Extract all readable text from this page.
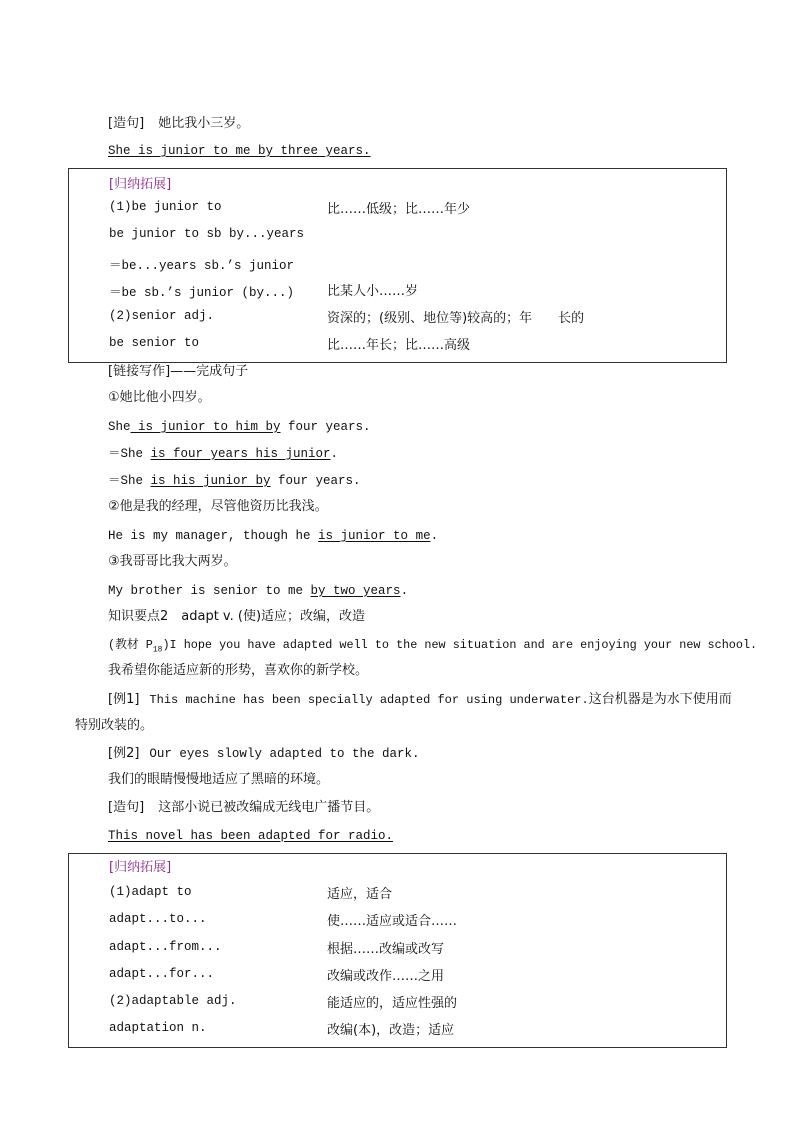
[造句] 她比我小三岁。
She is junior to me by three years.
[归纳拓展]
(1)be junior to	比……低级；比……年少
be junior to sb by...years
＝be...years sb.’s junior
＝be sb.’s junior (by...)	比某人小……岁
(2)senior adj.	资深的；(级别、地位等)较高的；年　　长的
be senior to	比……年长；比……高级
[链接写作]——完成句子
①她比他小四岁。
She is junior to him by four years.
＝She is four years his junior.
＝She is his junior by four years.
②他是我的经理，尽管他资历比我浅。
He is my manager, though he is junior to me.
③我哥哥比我大两岁。
My brother is senior to me by two years.
知识要点2　adapt v. (使)适应；改编，改造
(教材 $P_{18})I$ hope you have adapted well to the new situation and are enjoying your new school.
我希望你能适应新的形势，喜欢你的新学校。
[例1] This machine has been specially adapted for using underwater.这台机器是为水下使用而
特别改装的。
[例2] Our eyes slowly adapted to the dark.
我们的眼睛慢慢地适应了黑暗的环境。
[造句] 这部小说已被改编成无线电广播节目。
This novel has been adapted for radio.
[归纳拓展]
(1)adapt to	适应，适合
adapt...to...	使……适应或适合……
adapt...from...	根据……改编或改写
adapt...for...	改编或改作……之用
(2)adaptable adj.	能适应的，适应性强的
adaptation n.	改编(本)，改造；适应
